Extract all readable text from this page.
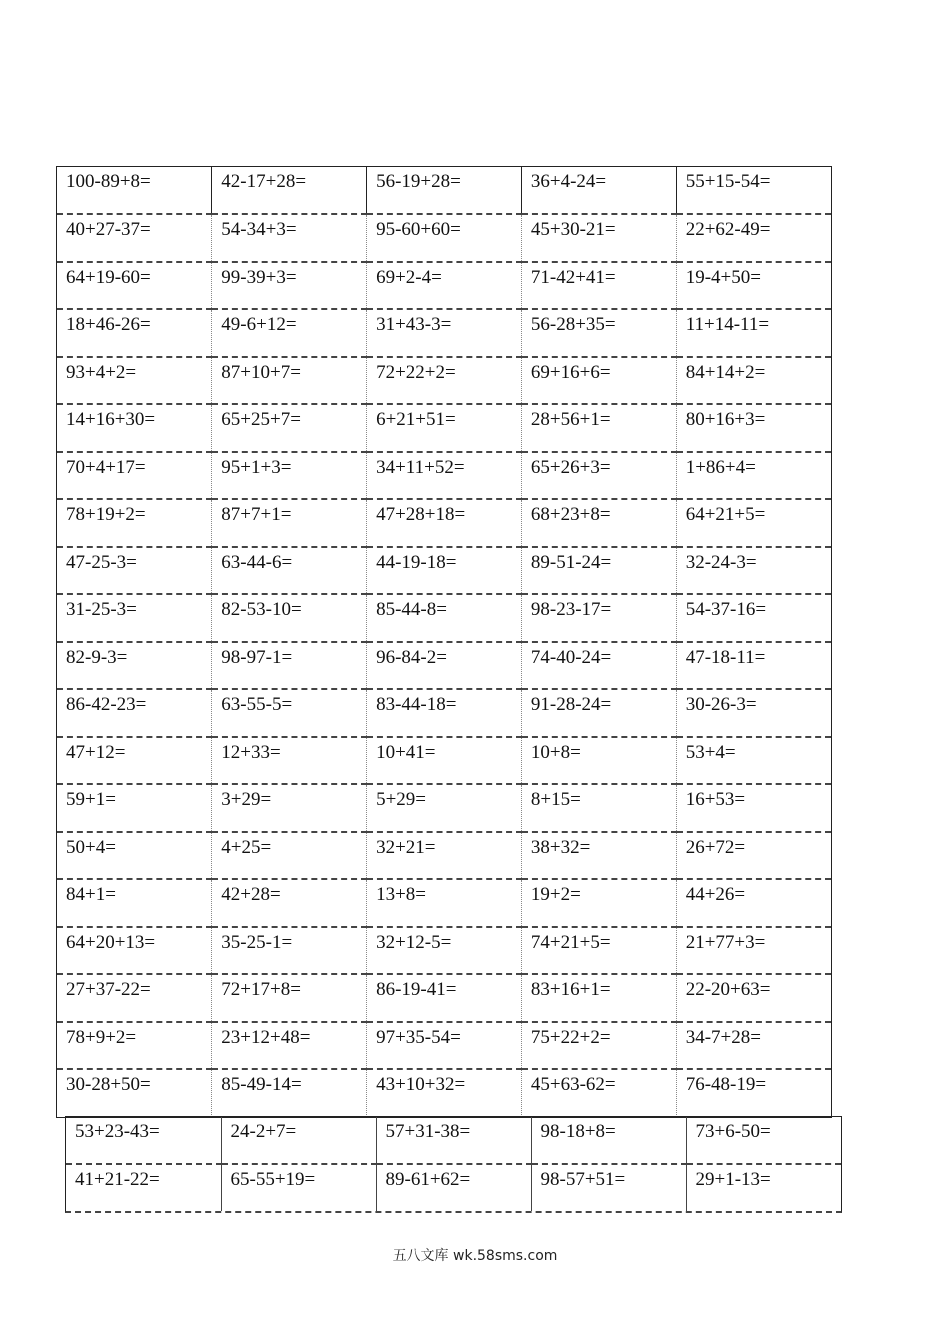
100-89+8=	42-17+28=	56-19+28=	36+4-24=	55+15-54=
40+27-37=	54-34+3=	95-60+60=	45+30-21=	22+62-49=
64+19-60=	99-39+3=	69+2-4=	71-42+41=	19-4+50=
18+46-26=	49-6+12=	31+43-3=	56-28+35=	11+14-11=
93+4+2=	87+10+7=	72+22+2=	69+16+6=	84+14+2=
14+16+30=	65+25+7=	6+21+51=	28+56+1=	80+16+3=
70+4+17=	95+1+3=	34+11+52=	65+26+3=	1+86+4=
78+19+2=	87+7+1=	47+28+18=	68+23+8=	64+21+5=
47-25-3=	63-44-6=	44-19-18=	89-51-24=	32-24-3=
31-25-3=	82-53-10=	85-44-8=	98-23-17=	54-37-16=
82-9-3=	98-97-1=	96-84-2=	74-40-24=	47-18-11=
86-42-23=	63-55-5=	83-44-18=	91-28-24=	30-26-3=
47+12=	12+33=	10+41=	10+8=	53+4=
59+1=	3+29=	5+29=	8+15=	16+53=
50+4=	4+25=	32+21=	38+32=	26+72=
84+1=	42+28=	13+8=	19+2=	44+26=
64+20+13=	35-25-1=	32+12-5=	74+21+5=	21+77+3=
27+37-22=	72+17+8=	86-19-41=	83+16+1=	22-20+63=
78+9+2=	23+12+48=	97+35-54=	75+22+2=	34-7+28=
30-28+50=	85-49-14=	43+10+32=	45+63-62=	76-48-19=
53+23-43=	24-2+7=	57+31-38=	98-18+8=	73+6-50=
41+21-22=	65-55+19=	89-61+62=	98-57+51=	29+1-13=
五八文库 wk.58sms.com
